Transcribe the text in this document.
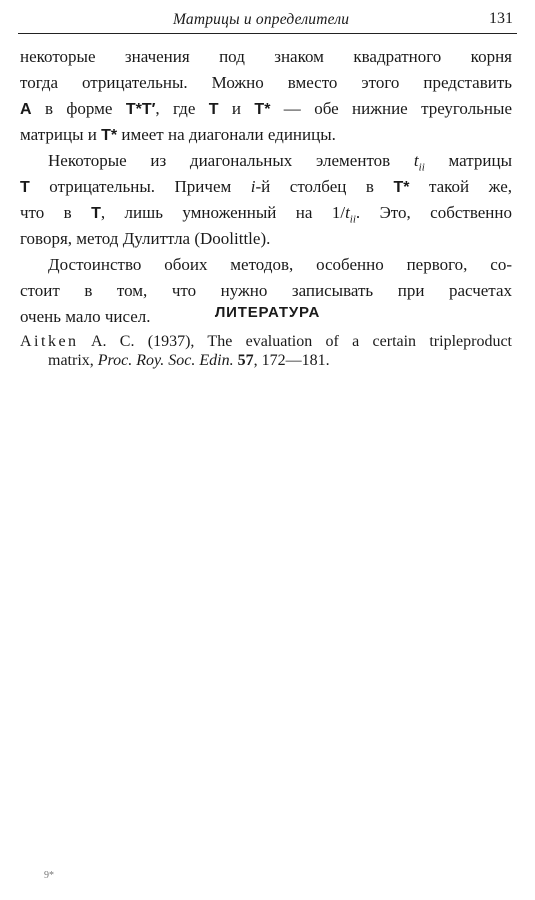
Матрицы и определители	131
некоторые значения под знаком квадратного корня
тогда отрицательны. Можно вместо этого представить
A в форме T*T′, где T и T* — обе нижние треугольные
матрицы и T* имеет на диагонали единицы.
Некоторые из диагональных элементов $t_{ii}$ матрицы
T отрицательны. Причем i-й столбец в T* такой же,
что в T, лишь умноженный на $1/t_{ii}$. Это, собственно
говоря, метод Дулиттла (Doolittle).
Достоинство обоих методов, особенно первого, со-
стоит в том, что нужно записывать при расчетах
очень мало чисел.	ЛИТЕРАТУРА
Aitken A. C. (1937), The evaluation of a certain tripleproduct
matrix, Proc. Roy. Soc. Edin. 57, 172—181.
9*
